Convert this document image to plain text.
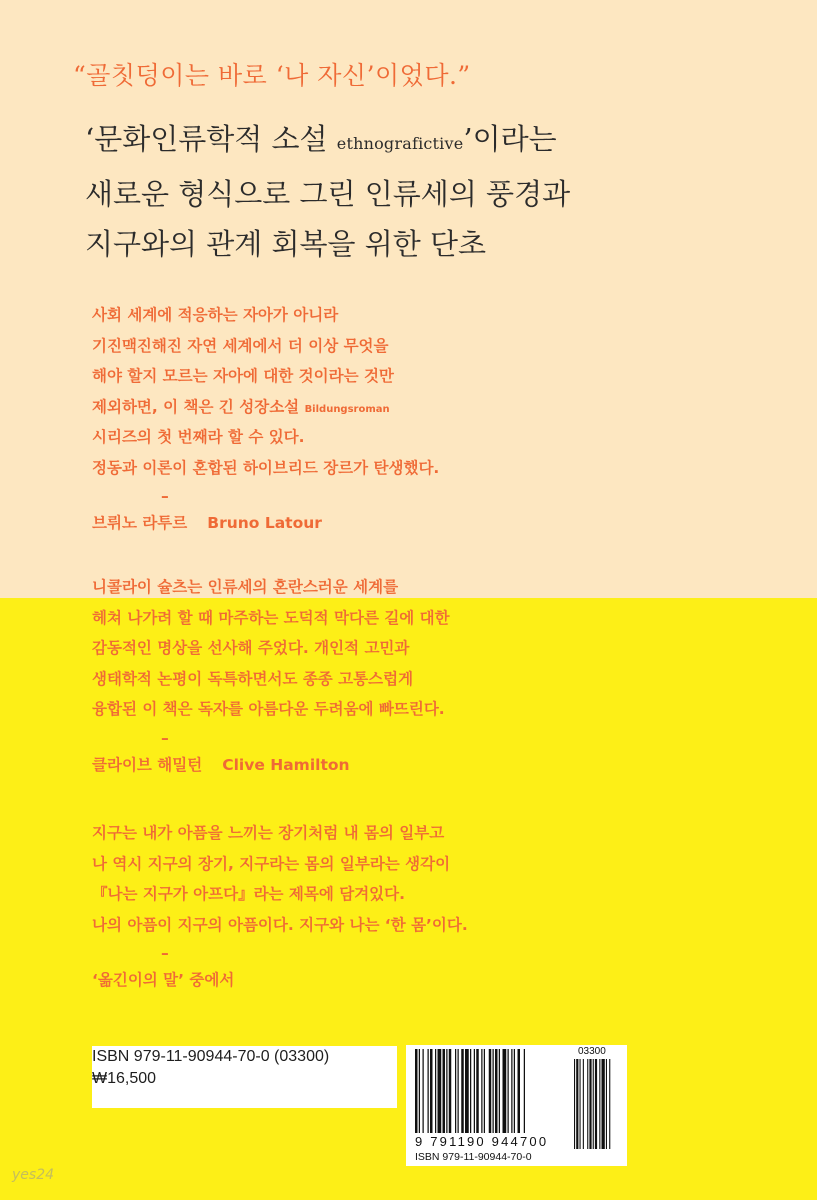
“골칫덩이는 바로 ‘나 자신’이었다.”
‘문화인류학적 소설 ethnografictive’이라는
새로운 형식으로 그린 인류세의 풍경과
지구와의 관계 회복을 위한 단초
사회 세계에 적응하는 자아가 아니라
기진맥진해진 자연 세계에서 더 이상 무엇을
해야 할지 모르는 자아에 대한 것이라는 것만
제외하면, 이 책은 긴 성장소설 Bildungsroman
시리즈의 첫 번째라 할 수 있다.
정동과 이론이 혼합된 하이브리드 장르가 탄생했다.
–
브뤼노 라투르 Bruno Latour
니콜라이 슐츠는 인류세의 혼란스러운 세계를
헤쳐 나가려 할 때 마주하는 도덕적 막다른 길에 대한
감동적인 명상을 선사해 주었다. 개인적 고민과
생태학적 논평이 독특하면서도 종종 고통스럽게
융합된 이 책은 독자를 아름다운 두려움에 빠뜨린다.
–
클라이브 해밀턴 Clive Hamilton
지구는 내가 아픔을 느끼는 장기처럼 내 몸의 일부고
나 역시 지구의 장기, 지구라는 몸의 일부라는 생각이
『나는 지구가 아프다』라는 제목에 담겨있다.
나의 아픔이 지구의 아픔이다. 지구와 나는 ‘한 몸’이다.
–
‘옮긴이의 말’ 중에서
ISBN 979-11-90944-70-0 (03300)
₩16,500
03300
9 791190 944700
ISBN 979-11-90944-70-0
yes24
